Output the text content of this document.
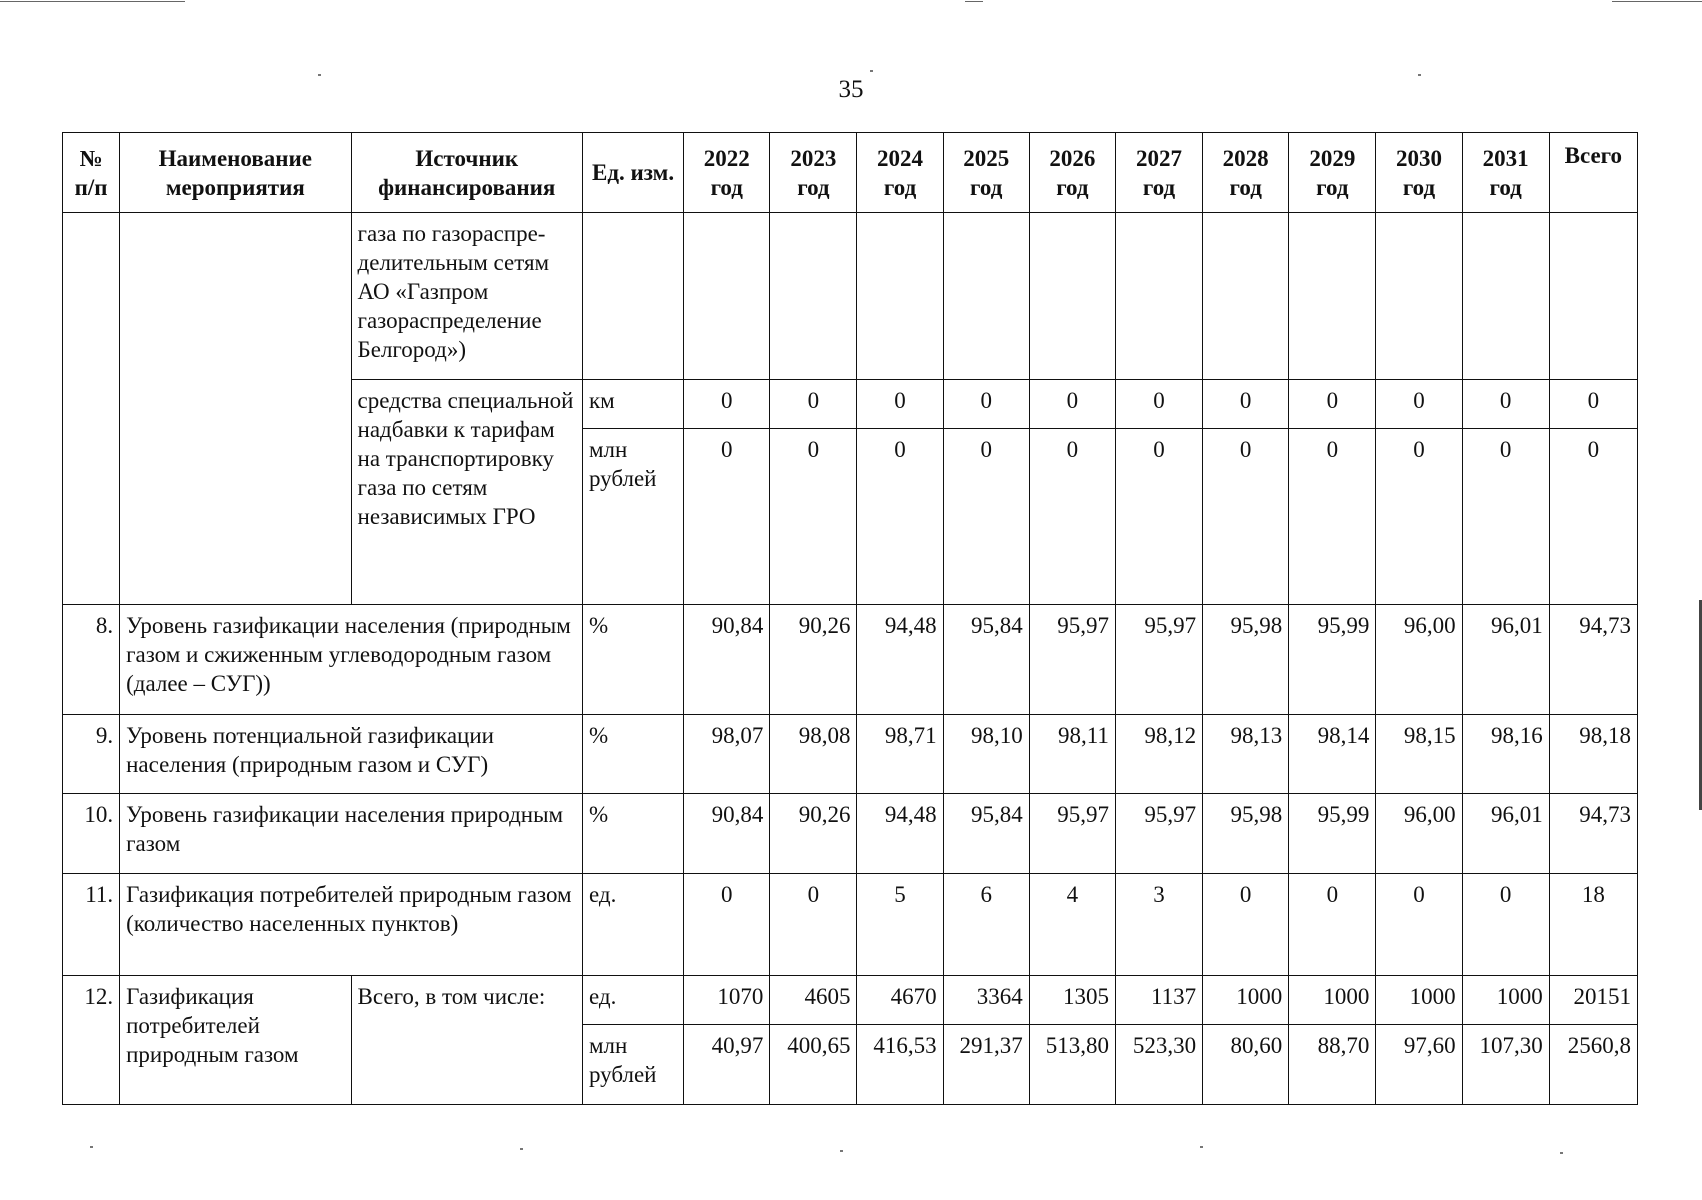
35
№ п/п	Наименование мероприятия	Источник финансирования	Ед. изм.	2022 год	2023 год	2024 год	2025 год	2026 год	2027 год	2028 год	2029 год	2030 год	2031 год	Всего
		газа по газораспре-делительным сетям АО «Газпром газораспределение Белгород»)												
		средства специальной надбавки к тарифам на транспортировку газа по сетям независимых ГРО	км	0	0	0	0	0	0	0	0	0	0	0
			млн рублей	0	0	0	0	0	0	0	0	0	0	0
8.	Уровень газификации населения (природным газом и сжиженным углеводородным газом (далее – СУГ))		%	90,84	90,26	94,48	95,84	95,97	95,97	95,98	95,99	96,00	96,01	94,73
9.	Уровень потенциальной газификации населения (природным газом и СУГ)		%	98,07	98,08	98,71	98,10	98,11	98,12	98,13	98,14	98,15	98,16	98,18
10.	Уровень газификации населения природным газом		%	90,84	90,26	94,48	95,84	95,97	95,97	95,98	95,99	96,00	96,01	94,73
11.	Газификация потребителей природным газом (количество населенных пунктов)		ед.	0	0	5	6	4	3	0	0	0	0	18
12.	Газификация потребителей природным газом	Всего, в том числе:	ед.	1070	4605	4670	3364	1305	1137	1000	1000	1000	1000	20151
			млн рублей	40,97	400,65	416,53	291,37	513,80	523,30	80,60	88,70	97,60	107,30	2560,8
